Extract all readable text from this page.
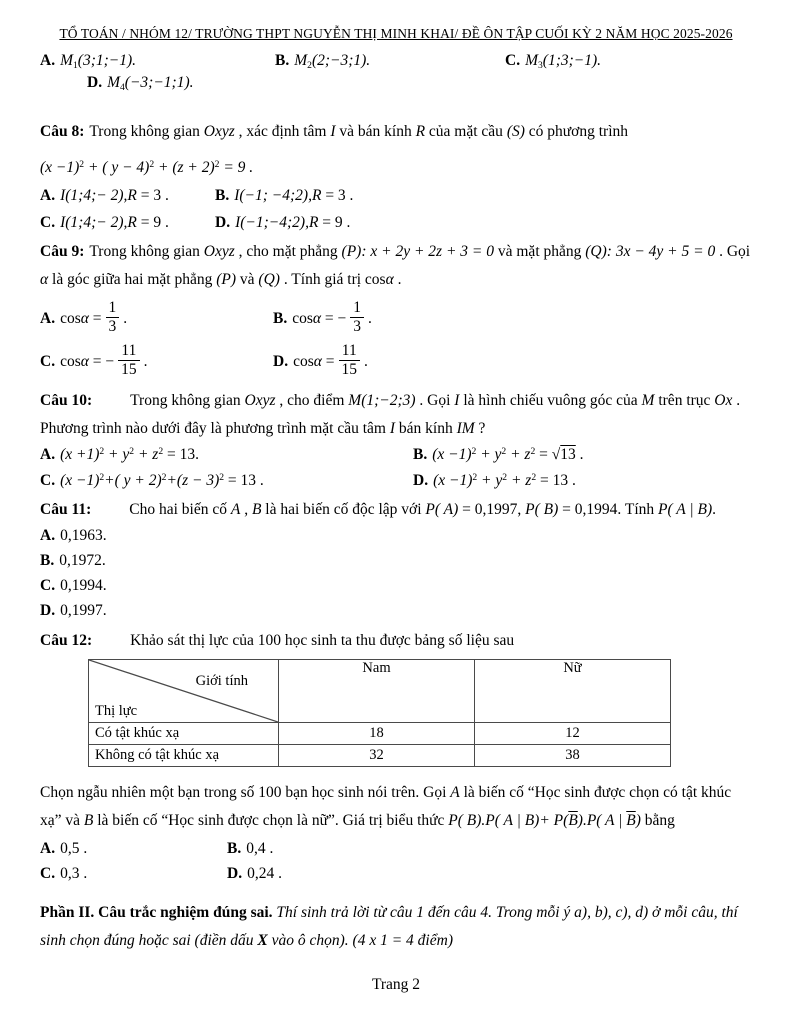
TỔ TOÁN / NHÓM 12/ TRƯỜNG THPT NGUYỄN THỊ MINH KHAI/ ĐỀ ÔN TẬP CUỐI KỲ 2 NĂM HỌC 2025-2026
A. $M_1(3;1;-1)$.	B. $M_2(2;-3;1)$.	C. $M_3(1;3;-1)$.
D. $M_4(-3;-1;1)$.

Câu 8: Trong không gian Oxyz , xác định tâm I và bán kính R của mặt cầu (S) có phương trình

$(x -1)^2$ + ( $y - 4)^2 + (z + 2)^2 = 9$ .

A. I(1;4;− 2),R = 3 .	B. I(−1; −4;2),R = 3 .
C. I(1;4;− 2),R = 9 .	D. I(−1;−4;2),R = 9 .

Câu 9: Trong không gian Oxyz , cho mặt phẳng (P): x + 2y + 2z + 3 = 0 và mặt phẳng (Q): 3x − 4y + 5 = 0 . Gọi α là góc giữa hai mặt phẳng (P) và (Q) . Tính giá trị cosα .

A. $\cos\alpha = \frac{1}{3}$ .	B. cosα = − $\frac{1}{3}$ .
C. cosα = − $\frac{11}{15}$ .	D. $\cos\alpha = \frac{11}{15}$ .

Câu 10: Trong không gian Oxyz , cho điểm M(1;−2;3) . Gọi I là hình chiếu vuông góc của M trên trục Ox . Phương trình nào dưới đây là phương trình mặt cầu tâm I bán kính IM ?

A. $(x +1)^2 + y^2 + z^2 = 13$.	B. $(x -1)^2 + y^2 + z^2 = √13$ .
C. $(x -1)^2+$( $y + 2)^2+(z - 3)^2 = 13$ .	D. $(x -1)^2 + y^2 + z^2 = 13$ .

Câu 11: Cho hai biến cố A , B là hai biến cố độc lập với P( A) = 0,1997, P( B) = 0,1994. Tính P( A | B).

A. 0,1963.
B. 0,1972.
C. 0,1994.
D. 0,1997.

Câu 12: Khảo sát thị lực của 100 học sinh ta thu được bảng số liệu sau

Giới tính
Thị lực	Nam	Nữ
Có tật khúc xạ	18	12
Không có tật khúc xạ	32	38

Chọn ngẫu nhiên một bạn trong số 100 bạn học sinh nói trên. Gọi A là biến cố “Học sinh được chọn có tật khúc xạ” và B là biến cố “Học sinh được chọn là nữ”. Giá trị biểu thức P( B).P( A | $B)+ P(\overline{B}).P$( A | $\overline{B}$) bằng

A. 0,5 .	B. 0,4 .
C. 0,3 .	D. 0,24 .

Phần II. Câu trắc nghiệm đúng sai. Thí sinh trả lời từ câu 1 đến câu 4. Trong mỗi ý a), b), c), d) ở mỗi câu, thí sinh chọn đúng hoặc sai (điền dấu X vào ô chọn). (4 x 1 = 4 điểm)

Trang 2
